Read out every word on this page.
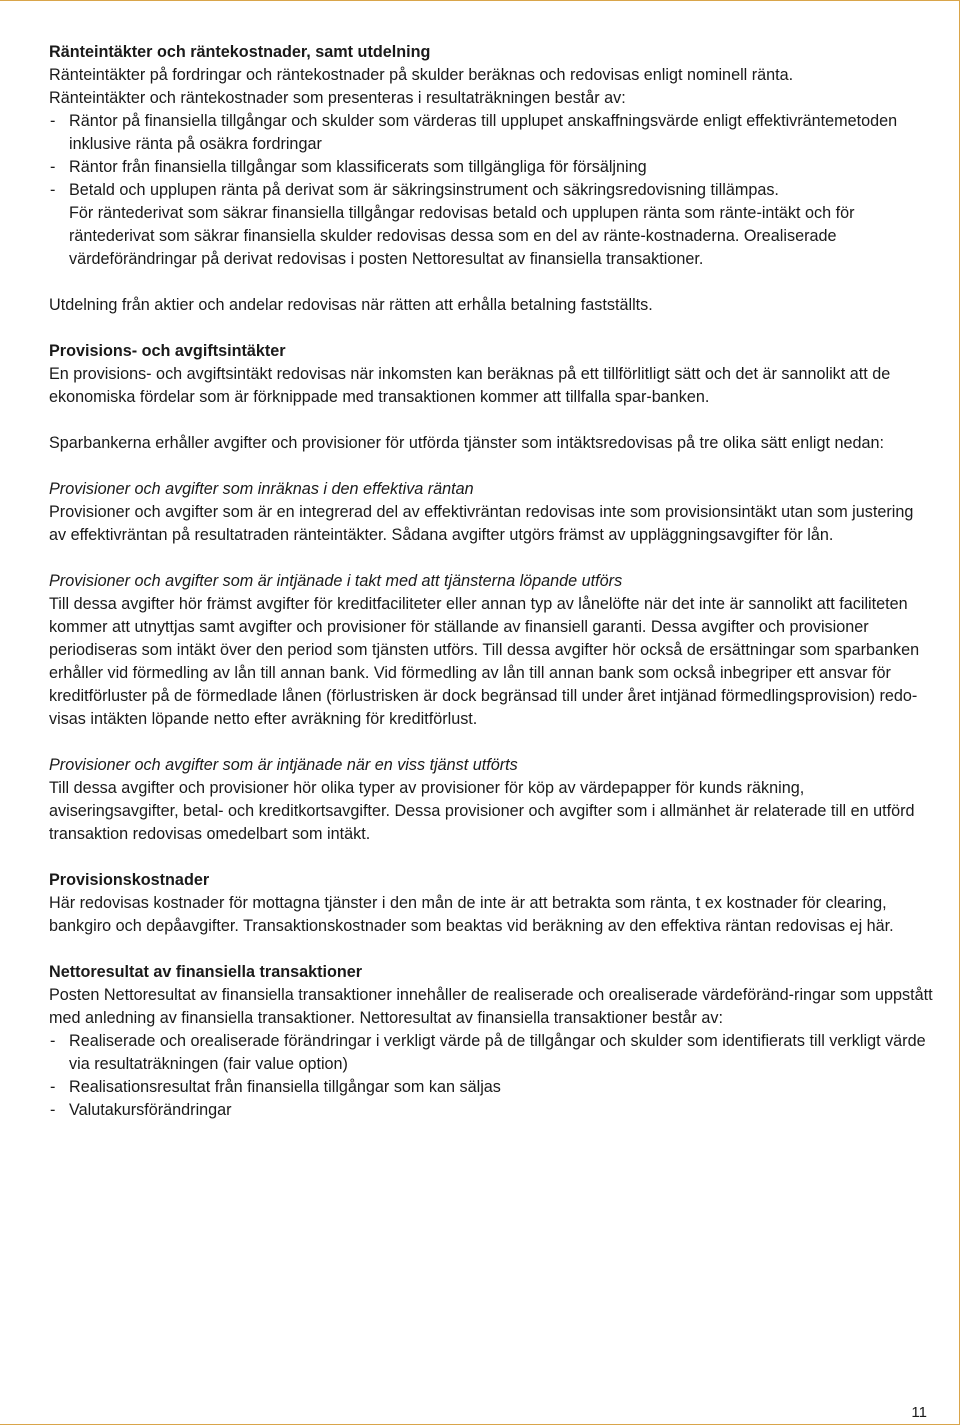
Ränteintäkter och räntekostnader, samt utdelning

Ränteintäkter på fordringar och räntekostnader på skulder beräknas och redovisas enligt nominell ränta.

Ränteintäkter och räntekostnader som presenteras i resultaträkningen består av:

- Räntor på finansiella tillgångar och skulder som värderas till upplupet anskaffningsvärde enligt effektivräntemetoden inklusive ränta på osäkra fordringar
- Räntor från finansiella tillgångar som klassificerats som tillgängliga för försäljning
- Betald och upplupen ränta på derivat som är säkringsinstrument och säkringsredovisning tillämpas.

För räntederivat som säkrar finansiella tillgångar redovisas betald och upplupen ränta som ränte-intäkt och för räntederivat som säkrar finansiella skulder redovisas dessa som en del av ränte-kostnaderna. Orealiserade värdeförändringar på derivat redovisas i posten Nettoresultat av finansiella transaktioner.

Utdelning från aktier och andelar redovisas när rätten att erhålla betalning fastställts.

Provisions- och avgiftsintäkter

En provisions- och avgiftsintäkt redovisas när inkomsten kan beräknas på ett tillförlitligt sätt och det är sannolikt att de ekonomiska fördelar som är förknippade med transaktionen kommer att tillfalla spar-banken.

Sparbankerna erhåller avgifter och provisioner för utförda tjänster som intäktsredovisas på tre olika sätt enligt nedan:

Provisioner och avgifter som inräknas i den effektiva räntan

Provisioner och avgifter som är en integrerad del av effektivräntan redovisas inte som provisionsintäkt utan som justering av effektivräntan på resultatraden ränteintäkter. Sådana avgifter utgörs främst av uppläggningsavgifter för lån.

Provisioner och avgifter som är intjänade i takt med att tjänsterna löpande utförs

Till dessa avgifter hör främst avgifter för kreditfaciliteter eller annan typ av lånelöfte när det inte är sannolikt att faciliteten kommer att utnyttjas samt avgifter och provisioner för ställande av finansiell garanti. Dessa avgifter och provisioner periodiseras som intäkt över den period som tjänsten utförs. Till dessa avgifter hör också de ersättningar som sparbanken erhåller vid förmedling av lån till annan bank. Vid förmedling av lån till annan bank som också inbegriper ett ansvar för kreditförluster på de förmedlade lånen (förlustrisken är dock begränsad till under året intjänad förmedlingsprovision) redo-visas intäkten löpande netto efter avräkning för kreditförlust.

Provisioner och avgifter som är intjänade när en viss tjänst utförts

Till dessa avgifter och provisioner hör olika typer av provisioner för köp av värdepapper för kunds räkning, aviseringsavgifter, betal- och kreditkortsavgifter. Dessa provisioner och avgifter som i allmänhet är relaterade till en utförd transaktion redovisas omedelbart som intäkt.

Provisionskostnader

Här redovisas kostnader för mottagna tjänster i den mån de inte är att betrakta som ränta, t ex kostnader för clearing, bankgiro och depåavgifter. Transaktionskostnader som beaktas vid beräkning av den effektiva räntan redovisas ej här.

Nettoresultat av finansiella transaktioner

Posten Nettoresultat av finansiella transaktioner innehåller de realiserade och orealiserade värdeföränd-ringar som uppstått med anledning av finansiella transaktioner. Nettoresultat av finansiella transaktioner består av:

- Realiserade och orealiserade förändringar i verkligt värde på de tillgångar och skulder som identifierats till verkligt värde via resultaträkningen (fair value option)
- Realisationsresultat från finansiella tillgångar som kan säljas
- Valutakursförändringar
11
